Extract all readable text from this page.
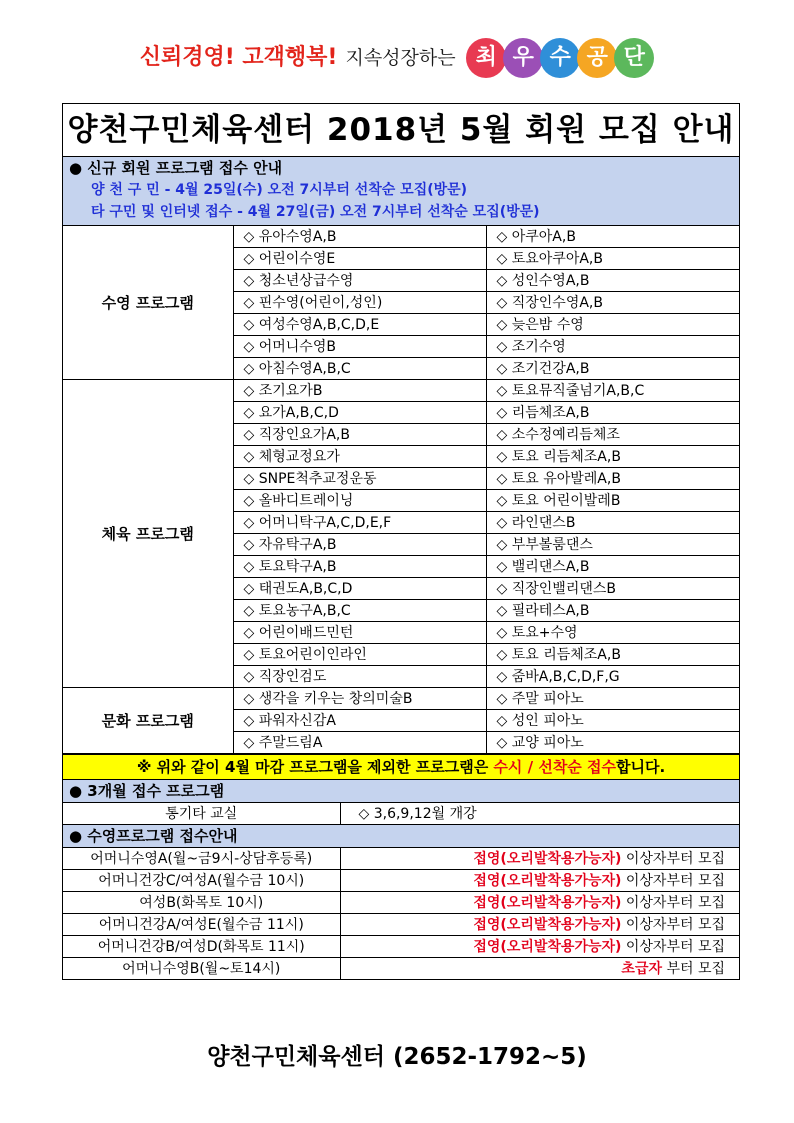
신뢰경영! 고객행복! 지속성장하는 최 우 수 공 단
양천구민체육센터 2018년 5월 회원 모집 안내
● 신규 회원 프로그램 접수 안내
양 천 구 민 - 4월 25일(수) 오전 7시부터 선착순 모집(방문)
타 구민 및 인터넷 접수 - 4월 27일(금) 오전 7시부터 선착순 모집(방문)
수영 프로그램	◇ 유아수영A,B	◇ 아쿠아A,B
	◇ 어린이수영E	◇ 토요아쿠아A,B
	◇ 청소년상급수영	◇ 성인수영A,B
	◇ 핀수영(어린이,성인)	◇ 직장인수영A,B
	◇ 여성수영A,B,C,D,E	◇ 늦은밤 수영
	◇ 어머니수영B	◇ 조기수영
	◇ 아침수영A,B,C	◇ 조기건강A,B
체육 프로그램	◇ 조기요가B	◇ 토요뮤직줄넘기A,B,C
	◇ 요가A,B,C,D	◇ 리듬체조A,B
	◇ 직장인요가A,B	◇ 소수정예리듬체조
	◇ 체형교정요가	◇ 토요 리듬체조A,B
	◇ SNPE척추교정운동	◇ 토요 유아발레A,B
	◇ 올바디트레이닝	◇ 토요 어린이발레B
	◇ 어머니탁구A,C,D,E,F	◇ 라인댄스B
	◇ 자유탁구A,B	◇ 부부볼룸댄스
	◇ 토요탁구A,B	◇ 밸리댄스A,B
	◇ 태권도A,B,C,D	◇ 직장인밸리댄스B
	◇ 토요농구A,B,C	◇ 필라테스A,B
	◇ 어린이배드민턴	◇ 토요+수영
	◇ 토요어린이인라인	◇ 토요 리듬체조A,B
	◇ 직장인검도	◇ 줌바A,B,C,D,F,G
문화 프로그램	◇ 생각을 키우는 창의미술B	◇ 주말 피아노
	◇ 파워자신감A	◇ 성인 피아노
	◇ 주말드림A	◇ 교양 피아노
※ 위와 같이 4월 마감 프로그램을 제외한 프로그램은 수시 / 선착순 접수합니다.
● 3개월 접수 프로그램
통기타 교실	◇ 3,6,9,12월 개강
● 수영프로그램 접수안내
어머니수영A(월~금9시-상담후등록)	접영(오리발착용가능자) 이상자부터 모집
어머니건강C/여성A(월수금 10시)	접영(오리발착용가능자) 이상자부터 모집
여성B(화목토 10시)	접영(오리발착용가능자) 이상자부터 모집
어머니건강A/여성E(월수금 11시)	접영(오리발착용가능자) 이상자부터 모집
어머니건강B/여성D(화목토 11시)	접영(오리발착용가능자) 이상자부터 모집
어머니수영B(월~토14시)	초급자 부터 모집
양천구민체육센터 (2652-1792~5)
